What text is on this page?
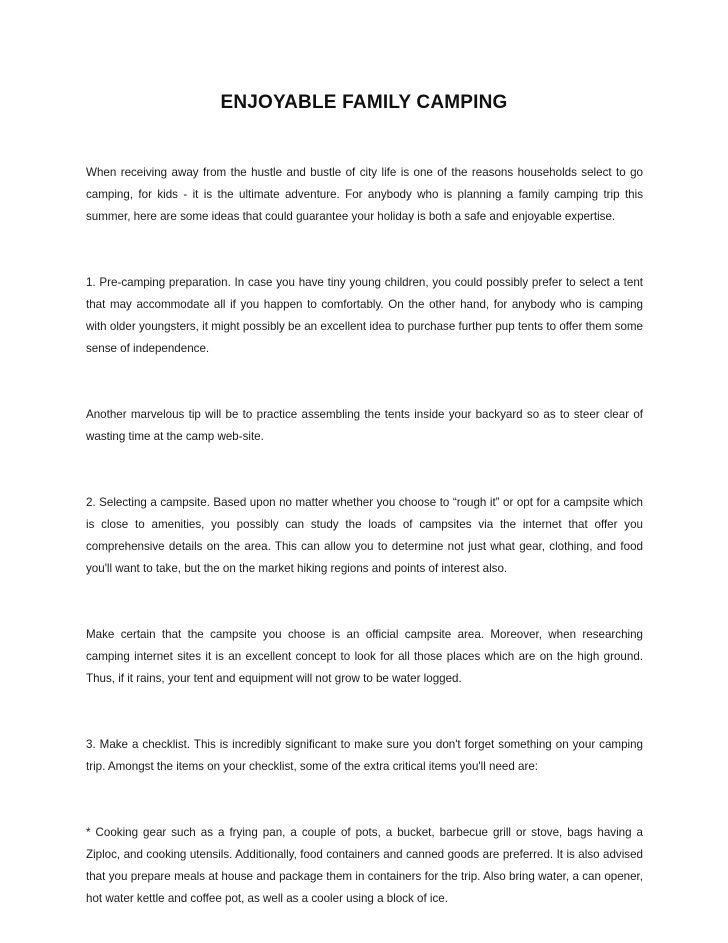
ENJOYABLE FAMILY CAMPING

When receiving away from the hustle and bustle of city life is one of the reasons households select to go camping, for kids - it is the ultimate adventure. For anybody who is planning a family camping trip this summer, here are some ideas that could guarantee your holiday is both a safe and enjoyable expertise.

1. Pre-camping preparation. In case you have tiny young children, you could possibly prefer to select a tent that may accommodate all if you happen to comfortably. On the other hand, for anybody who is camping with older youngsters, it might possibly be an excellent idea to purchase further pup tents to offer them some sense of independence.

Another marvelous tip will be to practice assembling the tents inside your backyard so as to steer clear of wasting time at the camp web-site.

2. Selecting a campsite. Based upon no matter whether you choose to “rough it” or opt for a campsite which is close to amenities, you possibly can study the loads of campsites via the internet that offer you comprehensive details on the area. This can allow you to determine not just what gear, clothing, and food you'll want to take, but the on the market hiking regions and points of interest also.

Make certain that the campsite you choose is an official campsite area. Moreover, when researching camping internet sites it is an excellent concept to look for all those places which are on the high ground. Thus, if it rains, your tent and equipment will not grow to be water logged.

3. Make a checklist. This is incredibly significant to make sure you don't forget something on your camping trip. Amongst the items on your checklist, some of the extra critical items you'll need are:

* Cooking gear such as a frying pan, a couple of pots, a bucket, barbecue grill or stove, bags having a Ziploc, and cooking utensils. Additionally, food containers and canned goods are preferred. It is also advised that you prepare meals at house and package them in containers for the trip. Also bring water, a can opener, hot water kettle and coffee pot, as well as a cooler using a block of ice.
